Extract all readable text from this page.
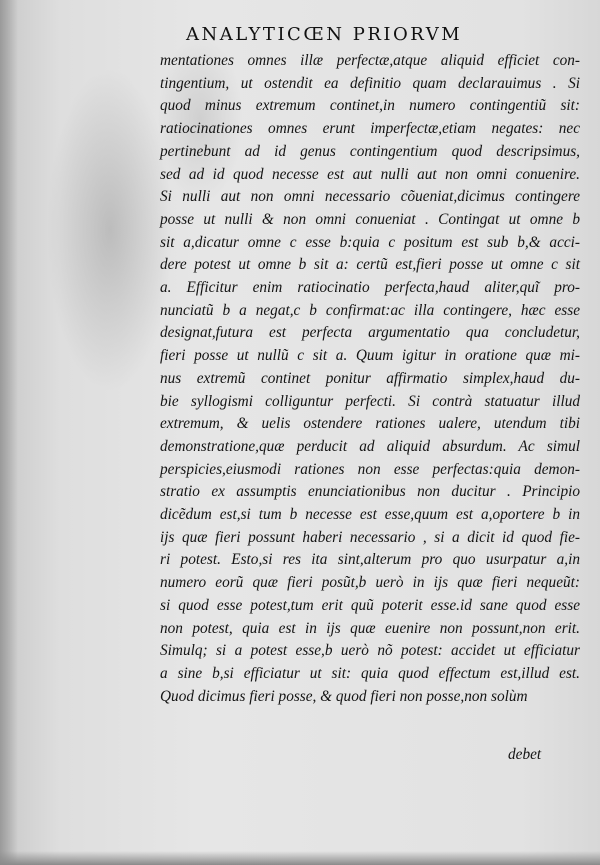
ANALYTICŒN PRIORVM
mentationes omnes illæ perfectæ,atque aliquid efficiet con-
tingentium, ut ostendit ea definitio quam declarauimus . Si
quod minus extremum continet,in numero contingentiũ sit:
ratiocinationes omnes erunt imperfectæ,etiam negates: nec
pertinebunt ad id genus contingentium quod descripsimus,
sed ad id quod necesse est aut nulli aut non omni conuenire.
Si nulli aut non omni necessario cõueniat,dicimus contingere
posse ut nulli & non omni conueniat . Contingat ut omne b
sit a,dicatur omne c esse b:quia c positum est sub b,& acci-
dere potest ut omne b sit a: certũ est,fieri posse ut omne c sit
a. Efficitur enim ratiocinatio perfecta,haud aliter,quĩ pro-
nunciatũ b a negat,c b confirmat:ac illa contingere, hæc esse
designat,futura est perfecta argumentatio qua concludetur,
fieri posse ut nullũ c sit a. Quum igitur in oratione quæ mi-
nus extremũ continet ponitur affirmatio simplex,haud du-
bie syllogismi colliguntur perfecti. Si contrà statuatur illud
extremum, & uelis ostendere rationes ualere, utendum tibi
demonstratione,quæ perducit ad aliquid absurdum. Ac simul
perspicies,eiusmodi rationes non esse perfectas:quia demon-
stratio ex assumptis enunciationibus non ducitur . Principio
dicẽdum est,si tum b necesse est esse,quum est a,oportere b in
ijs quæ fieri possunt haberi necessario , si a dicit id quod fie-
ri potest. Esto,si res ita sint,alterum pro quo usurpatur a,in
numero eorũ quæ fieri posũt,b uerò in ijs quæ fieri nequeũt:
si quod esse potest,tum erit quũ poterit esse.id sane quod esse
non potest, quia est in ijs quæ euenire non possunt,non erit.
Simulq; si a potest esse,b uerò nõ potest: accidet ut efficiatur
a sine b,si efficiatur ut sit: quia quod effectum est,illud est.
Quod dicimus fieri posse, & quod fieri non posse,non solùm
debet
